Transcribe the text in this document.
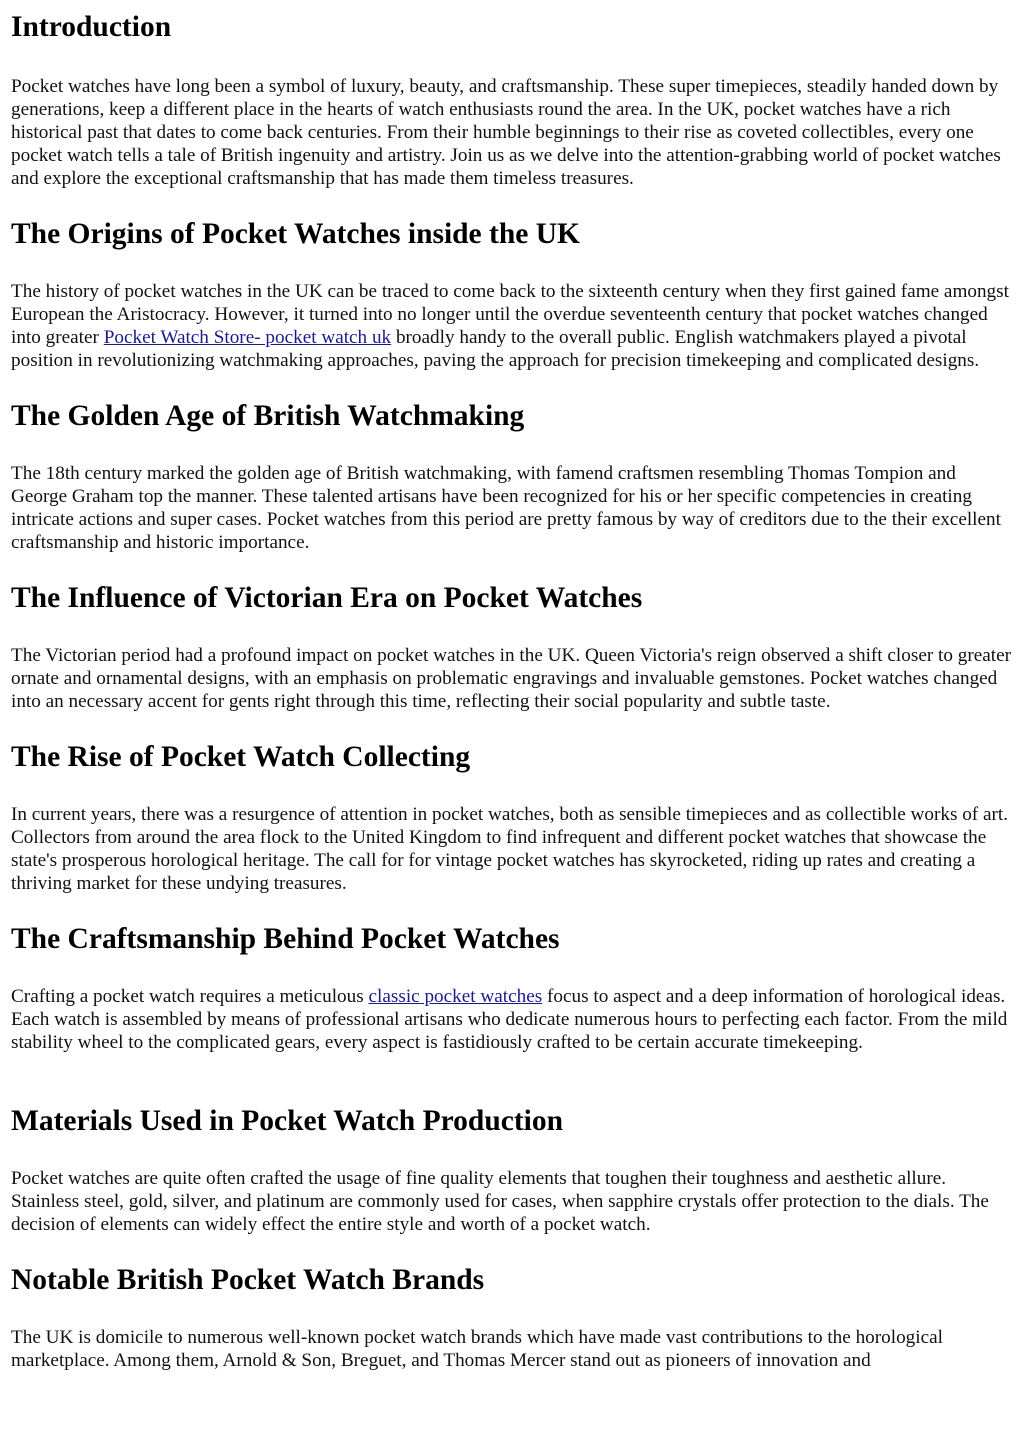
Introduction

Pocket watches have long been a symbol of luxury, beauty, and craftsmanship. These super timepieces, steadily handed down by generations, keep a different place in the hearts of watch enthusiasts round the area. In the UK, pocket watches have a rich historical past that dates to come back centuries. From their humble beginnings to their rise as coveted collectibles, every one pocket watch tells a tale of British ingenuity and artistry. Join us as we delve into the attention-grabbing world of pocket watches and explore the exceptional craftsmanship that has made them timeless treasures.

The Origins of Pocket Watches inside the UK

The history of pocket watches in the UK can be traced to come back to the sixteenth century when they first gained fame amongst European the Aristocracy. However, it turned into no longer until the overdue seventeenth century that pocket watches changed into greater Pocket Watch Store- pocket watch uk broadly handy to the overall public. English watchmakers played a pivotal position in revolutionizing watchmaking approaches, paving the approach for precision timekeeping and complicated designs.

The Golden Age of British Watchmaking

The 18th century marked the golden age of British watchmaking, with famend craftsmen resembling Thomas Tompion and George Graham top the manner. These talented artisans have been recognized for his or her specific competencies in creating intricate actions and super cases. Pocket watches from this period are pretty famous by way of creditors due to the their excellent craftsmanship and historic importance.

The Influence of Victorian Era on Pocket Watches

The Victorian period had a profound impact on pocket watches in the UK. Queen Victoria's reign observed a shift closer to greater ornate and ornamental designs, with an emphasis on problematic engravings and invaluable gemstones. Pocket watches changed into an necessary accent for gents right through this time, reflecting their social popularity and subtle taste.

The Rise of Pocket Watch Collecting

In current years, there was a resurgence of attention in pocket watches, both as sensible timepieces and as collectible works of art. Collectors from around the area flock to the United Kingdom to find infrequent and different pocket watches that showcase the state's prosperous horological heritage. The call for for vintage pocket watches has skyrocketed, riding up rates and creating a thriving market for these undying treasures.

The Craftsmanship Behind Pocket Watches

Crafting a pocket watch requires a meticulous classic pocket watches focus to aspect and a deep information of horological ideas. Each watch is assembled by means of professional artisans who dedicate numerous hours to perfecting each factor. From the mild stability wheel to the complicated gears, every aspect is fastidiously crafted to be certain accurate timekeeping.

Materials Used in Pocket Watch Production

Pocket watches are quite often crafted the usage of fine quality elements that toughen their toughness and aesthetic allure. Stainless steel, gold, silver, and platinum are commonly used for cases, when sapphire crystals offer protection to the dials. The decision of elements can widely effect the entire style and worth of a pocket watch.

Notable British Pocket Watch Brands

The UK is domicile to numerous well-known pocket watch brands which have made vast contributions to the horological marketplace. Among them, Arnold & Son, Breguet, and Thomas Mercer stand out as pioneers of innovation and
